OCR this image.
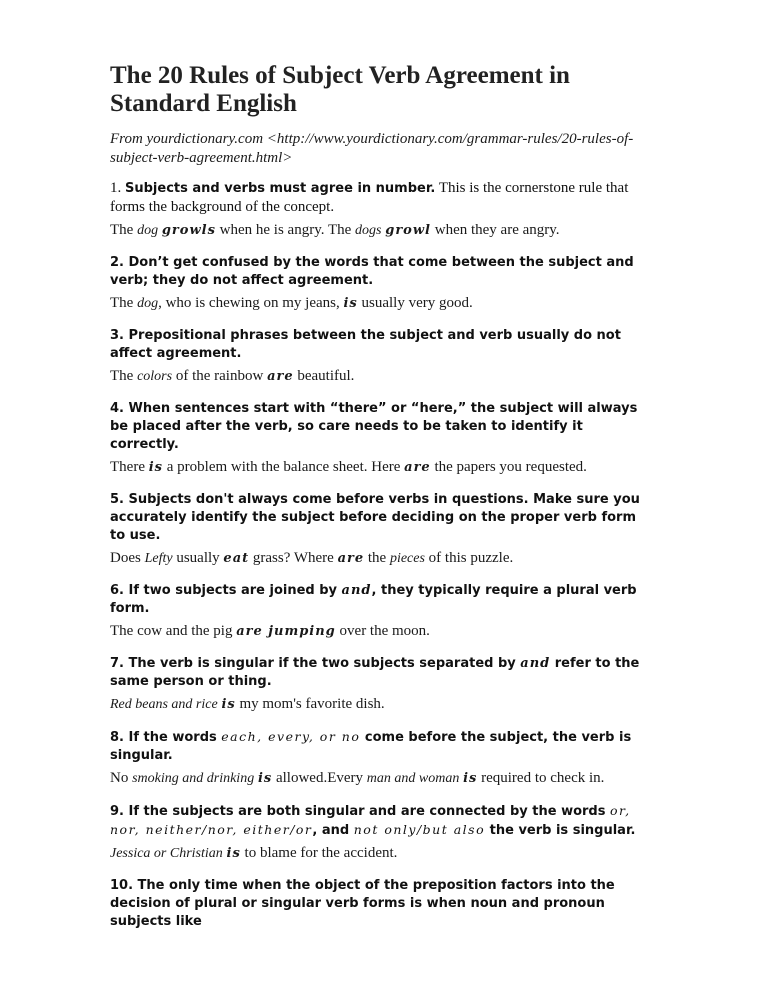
The 20 Rules of Subject Verb Agreement in Standard English

From yourdictionary.com <http://www.yourdictionary.com/grammar-rules/20-rules-of-subject-verb-agreement.html>

1. Subjects and verbs must agree in number. This is the cornerstone rule that forms the background of the concept.

The dog growls when he is angry. The dogs growl when they are angry.

2. Don’t get confused by the words that come between the subject and verb; they do not affect agreement.

The dog, who is chewing on my jeans, is usually very good.

3. Prepositional phrases between the subject and verb usually do not affect agreement.

The colors of the rainbow are beautiful.

4. When sentences start with “there” or “here,” the subject will always be placed after the verb, so care needs to be taken to identify it correctly.

There is a problem with the balance sheet. Here are the papers you requested.

5. Subjects don't always come before verbs in questions. Make sure you accurately identify the subject before deciding on the proper verb form to use.

Does Lefty usually eat grass? Where are the pieces of this puzzle.

6. If two subjects are joined by and, they typically require a plural verb form.

The cow and the pig are jumping over the moon.

7. The verb is singular if the two subjects separated by and refer to the same person or thing.

Red beans and rice is my mom's favorite dish.

8. If the words each, every, or no come before the subject, the verb is singular.

No smoking and drinking is allowed.Every man and woman is required to check in.

9. If the subjects are both singular and are connected by the words or, nor, neither/nor, either/or, and not only/but also the verb is singular.

Jessica or Christian is to blame for the accident.

10. The only time when the object of the preposition factors into the decision of plural or singular verb forms is when noun and pronoun subjects like
